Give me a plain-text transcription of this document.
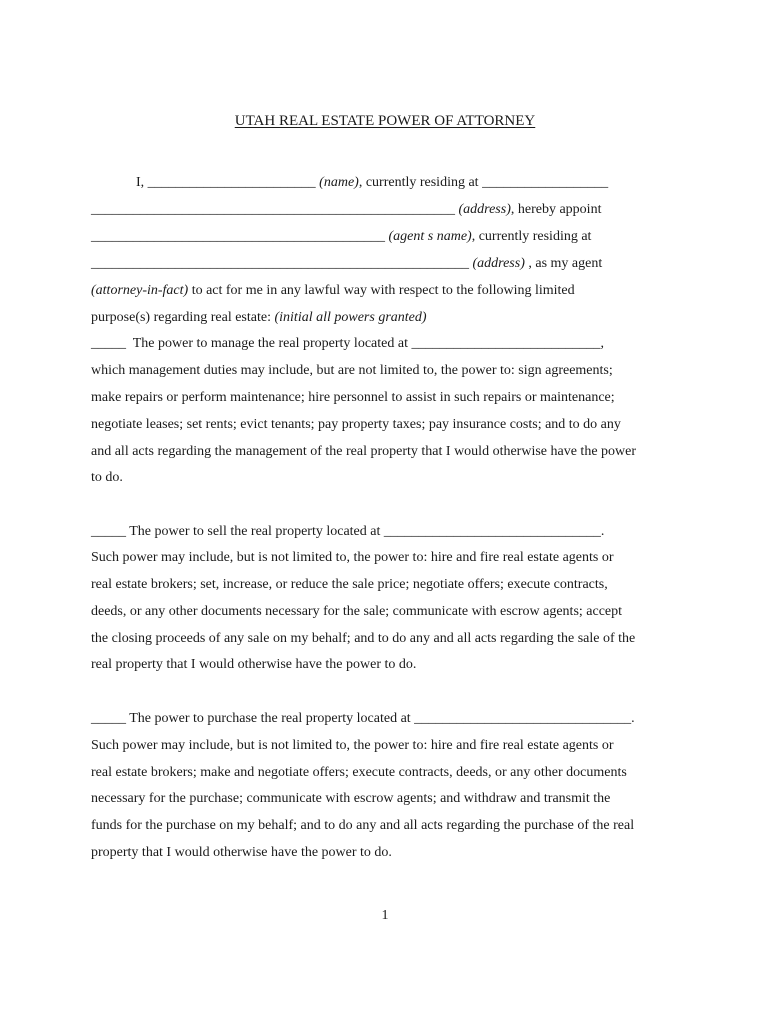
UTAH REAL ESTATE POWER OF ATTORNEY
I, ________________________ (name), currently residing at __________________
____________________________________________________ (address), hereby appoint
__________________________________________ (agent s name), currently residing at
______________________________________________________ (address) , as my agent
(attorney-in-fact) to act for me in any lawful way with respect to the following limited
purpose(s) regarding real estate: (initial all powers granted)
_____  The power to manage the real property located at ___________________________,
which management duties may include, but are not limited to, the power to: sign agreements;
make repairs or perform maintenance; hire personnel to assist in such repairs or maintenance;
negotiate leases; set rents; evict tenants; pay property taxes; pay insurance costs; and to do any
and all acts regarding the management of the real property that I would otherwise have the power
to do.
_____ The power to sell the real property located at _______________________________.
Such power may include, but is not limited to, the power to: hire and fire real estate agents or
real estate brokers; set, increase, or reduce the sale price; negotiate offers; execute contracts,
deeds, or any other documents necessary for the sale; communicate with escrow agents; accept
the closing proceeds of any sale on my behalf; and to do any and all acts regarding the sale of the
real property that I would otherwise have the power to do.
_____ The power to purchase the real property located at _______________________________.
Such power may include, but is not limited to, the power to: hire and fire real estate agents or
real estate brokers; make and negotiate offers; execute contracts, deeds, or any other documents
necessary for the purchase; communicate with escrow agents; and withdraw and transmit the
funds for the purchase on my behalf; and to do any and all acts regarding the purchase of the real
property that I would otherwise have the power to do.
1
